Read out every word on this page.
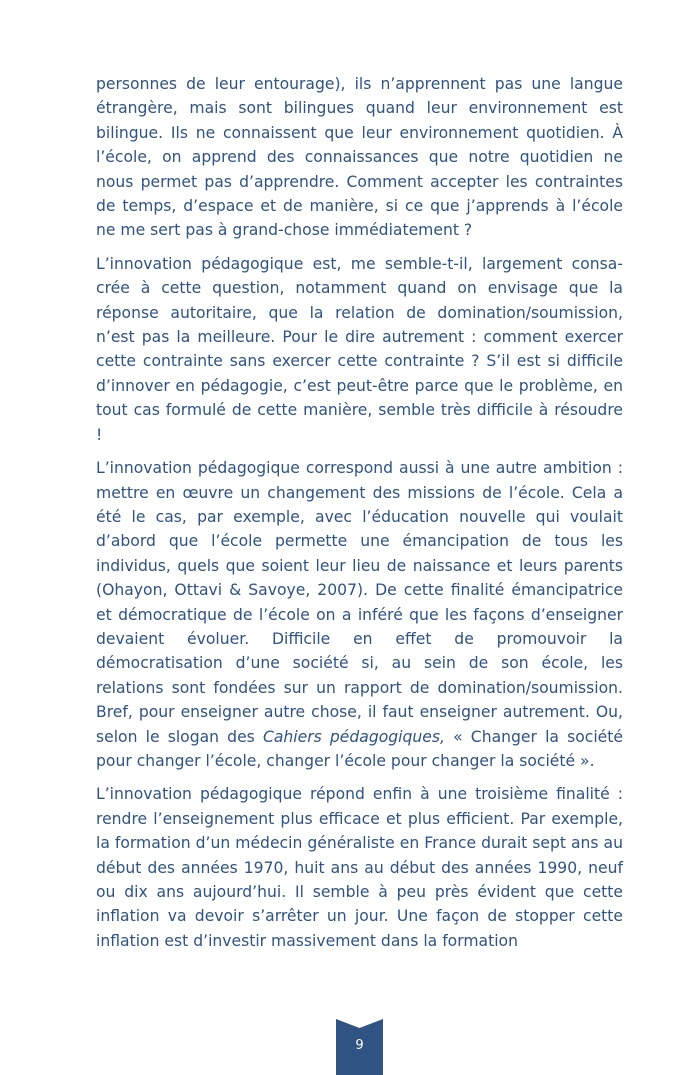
personnes de leur entourage), ils n’apprennent pas une langue étrangère, mais sont bilingues quand leur environnement est bilingue. Ils ne connaissent que leur environnement quotidien. À l’école, on apprend des connaissances que notre quotidien ne nous permet pas d’apprendre. Comment accepter les contraintes de temps, d’espace et de manière, si ce que j’apprends à l’école ne me sert pas à grand-chose immédiatement ?

L’innovation pédagogique est, me semble-t-il, largement consacrée à cette question, notamment quand on envisage que la réponse autoritaire, que la relation de domination/soumission, n’est pas la meilleure. Pour le dire autrement : comment exercer cette contrainte sans exercer cette contrainte ? S’il est si difficile d’innover en pédagogie, c’est peut-être parce que le problème, en tout cas formulé de cette manière, semble très difficile à résoudre !

L’innovation pédagogique correspond aussi à une autre ambition : mettre en œuvre un changement des missions de l’école. Cela a été le cas, par exemple, avec l’éducation nouvelle qui voulait d’abord que l’école permette une émancipation de tous les individus, quels que soient leur lieu de naissance et leurs parents (Ohayon, Ottavi & Savoye, 2007). De cette finalité émancipatrice et démocratique de l’école on a inféré que les façons d’enseigner devaient évoluer. Difficile en effet de promouvoir la démocratisation d’une société si, au sein de son école, les relations sont fondées sur un rapport de domination/soumission. Bref, pour enseigner autre chose, il faut enseigner autrement. Ou, selon le slogan des Cahiers pédagogiques, « Changer la société pour changer l’école, changer l’école pour changer la société ».

L’innovation pédagogique répond enfin à une troisième finalité : rendre l’enseignement plus efficace et plus efficient. Par exemple, la formation d’un médecin généraliste en France durait sept ans au début des années 1970, huit ans au début des années 1990, neuf ou dix ans aujourd’hui. Il semble à peu près évident que cette inflation va devoir s’arrêter un jour. Une façon de stopper cette inflation est d’investir massivement dans la formation

9
